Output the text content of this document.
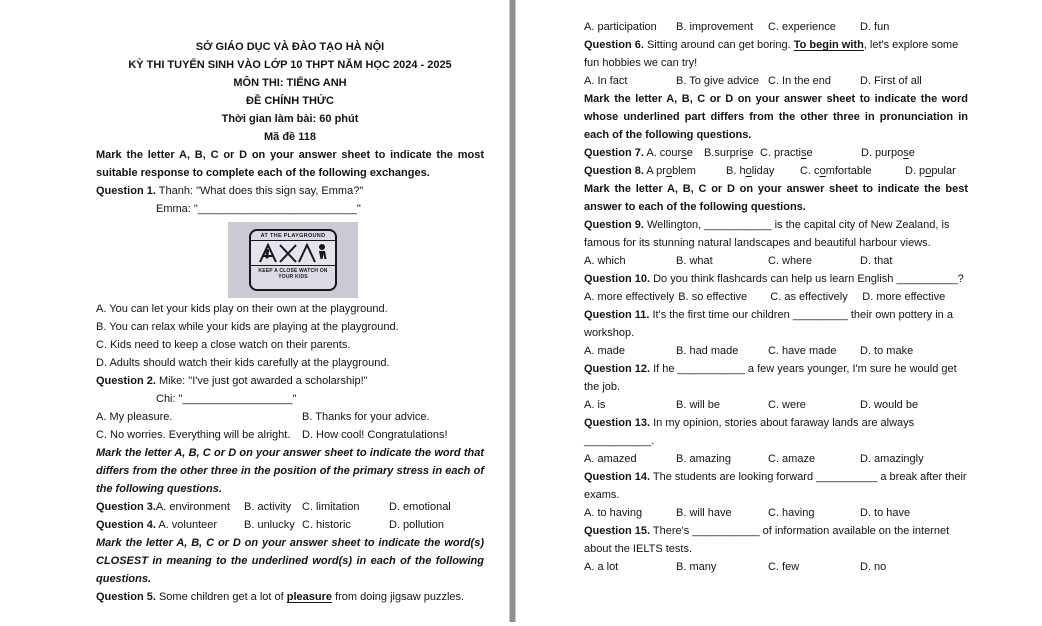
SỞ GIÁO DỤC VÀ ĐÀO TẠO HÀ NỘI
KỲ THI TUYỂN SINH VÀO LỚP 10 THPT NĂM HỌC 2024 - 2025
MÔN THI: TIẾNG ANH
ĐỀ CHÍNH THỨC
Thời gian làm bài: 60 phút
Mã đề 118

Mark the letter A, B, C or D on your answer sheet to indicate the most suitable response to complete each of the following exchanges.

Question 1. Thanh: "What does this sign say, Emma?"

Emma: "__________________________"
AT THE PLAYGROUND
KEEP A CLOSE WATCH ON YOUR KIDS
A. You can let your kids play on their own at the playground.
B. You can relax while your kids are playing at the playground.
C. Kids need to keep a close watch on their parents.
D. Adults should watch their kids carefully at the playground.

Question 2. Mike: "I've just got awarded a scholarship!"

Chi: "__________________"
A. My pleasure.	B. Thanks for your advice.
C. No worries. Everything will be alright. D. How cool! Congratulations!

Mark the letter A, B, C or D on your answer sheet to indicate the word that differs from the other three in the position of the primary stress in each of the following questions.

Question 3.A. environment B. activity C. limitation	D. emotional
Question 4. A. volunteer B. unlucky C. historic	D. pollution

Mark the letter A, B, C or D on your answer sheet to indicate the word(s) CLOSEST in meaning to the underlined word(s) in each of the following questions.

Question 5. Some children get a lot of pleasure from doing jigsaw puzzles.

A. participation B. improvement C. experience D. fun

Question 6. Sitting around can get boring. To begin with, let's explore some fun hobbies we can try!

A. In fact	B. To give advice C. In the end	D. First of all

Mark the letter A, B, C or D on your answer sheet to indicate the word whose underlined part differs from the other three in pronunciation in each of the following questions.

Question 7. A. course B.surprise C. practise	D. purpose
Question 8. A problem	B. holiday C. comfortable	D. popular

Mark the letter A, B, C or D on your answer sheet to indicate the best answer to each of the following questions.

Question 9. Wellington, ___________ is the capital city of New Zealand, is famous for its stunning natural landscapes and beautiful harbour views.

A. which	B. what	C. where	D. that

Question 10. Do you think flashcards can help us learn English __________?

A. more effectively B. so effective C. as effectively D. more effective

Question 11. It's the first time our children _________ their own pottery in a workshop.

A. made	B. had made	C. have made D. to make

Question 12. If he ___________ a few years younger, I'm sure he would get the job.

A. is	B. will be	C. were	D. would be

Question 13. In my opinion, stories about faraway lands are always

___________.
A. amazed	B. amazing	C. amaze	D. amazingly

Question 14. The students are looking forward __________ a break after their exams.

A. to having	B. will have	C. having	D. to have

Question 15. There's ___________ of information available on the internet about the IELTS tests.

A. a lot	B. many	C. few	D. no
